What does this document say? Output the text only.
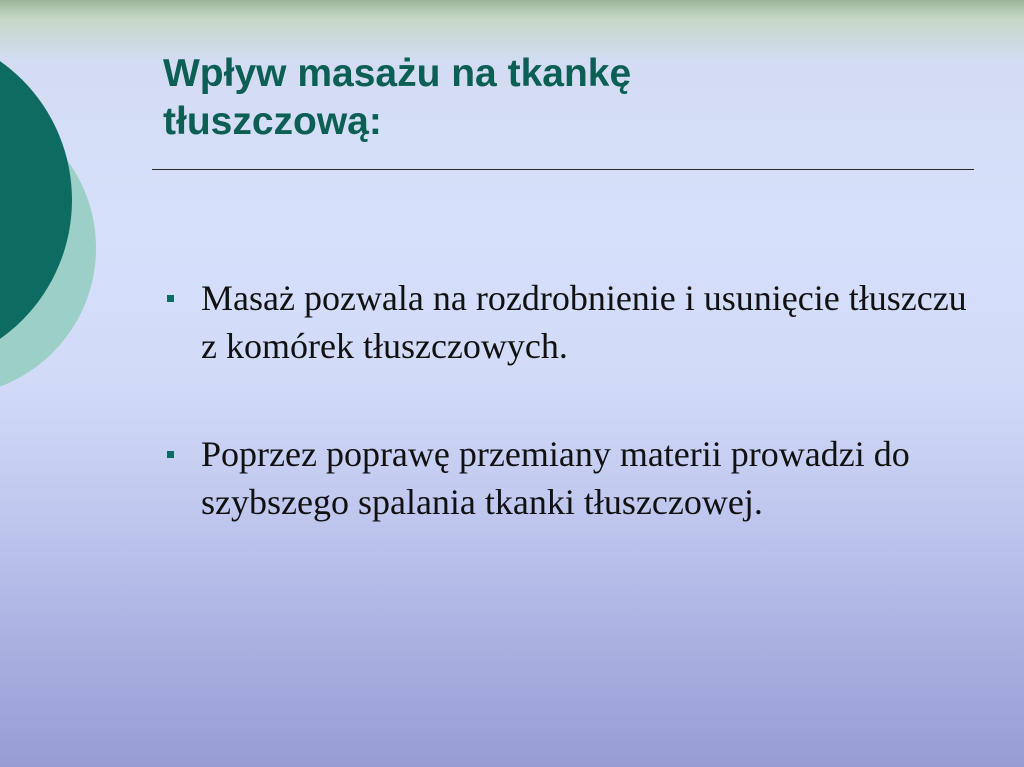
Wpływ masażu na tkankę tłuszczową:
Masaż pozwala na rozdrobnienie i usunięcie tłuszczu z komórek tłuszczowych.
Poprzez poprawę przemiany materii prowadzi do szybszego spalania tkanki tłuszczowej.
